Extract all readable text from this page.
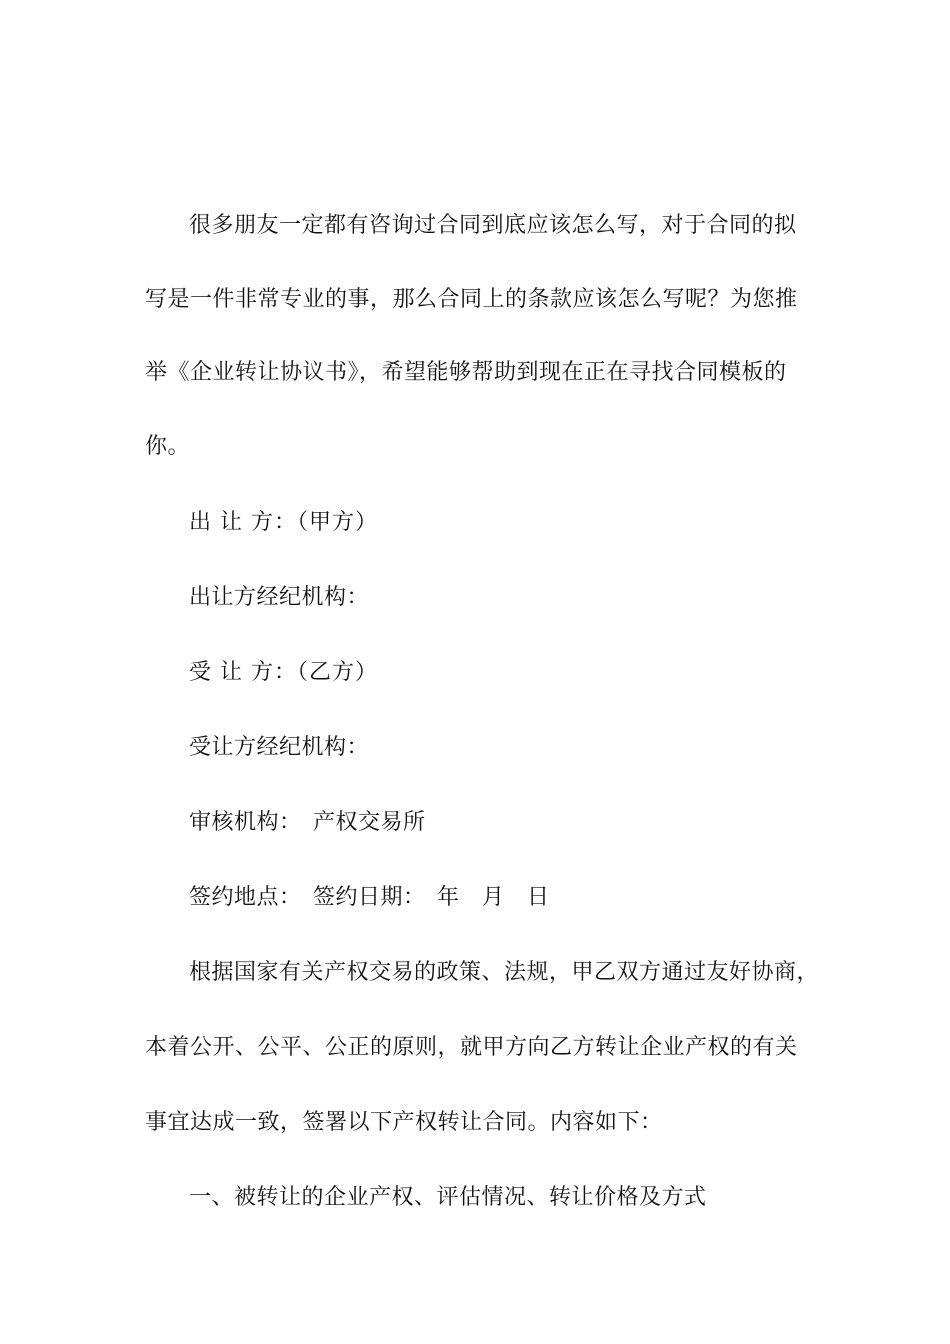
很多朋友一定都有咨询过合同到底应该怎么写，对于合同的拟
写是一件非常专业的事，那么合同上的条款应该怎么写呢？为您推
举《企业转让协议书》，希望能够帮助到现在正在寻找合同模板的
你。
出 让 方：（甲方）
出让方经纪机构：
受 让 方：（乙方）
受让方经纪机构：
审核机构：　产权交易所
签约地点：　签约日期：　年　月　日
根据国家有关产权交易的政策、法规，甲乙双方通过友好协商，
本着公开、公平、公正的原则，就甲方向乙方转让企业产权的有关
事宜达成一致，签署以下产权转让合同。内容如下：
一、被转让的企业产权、评估情况、转让价格及方式
